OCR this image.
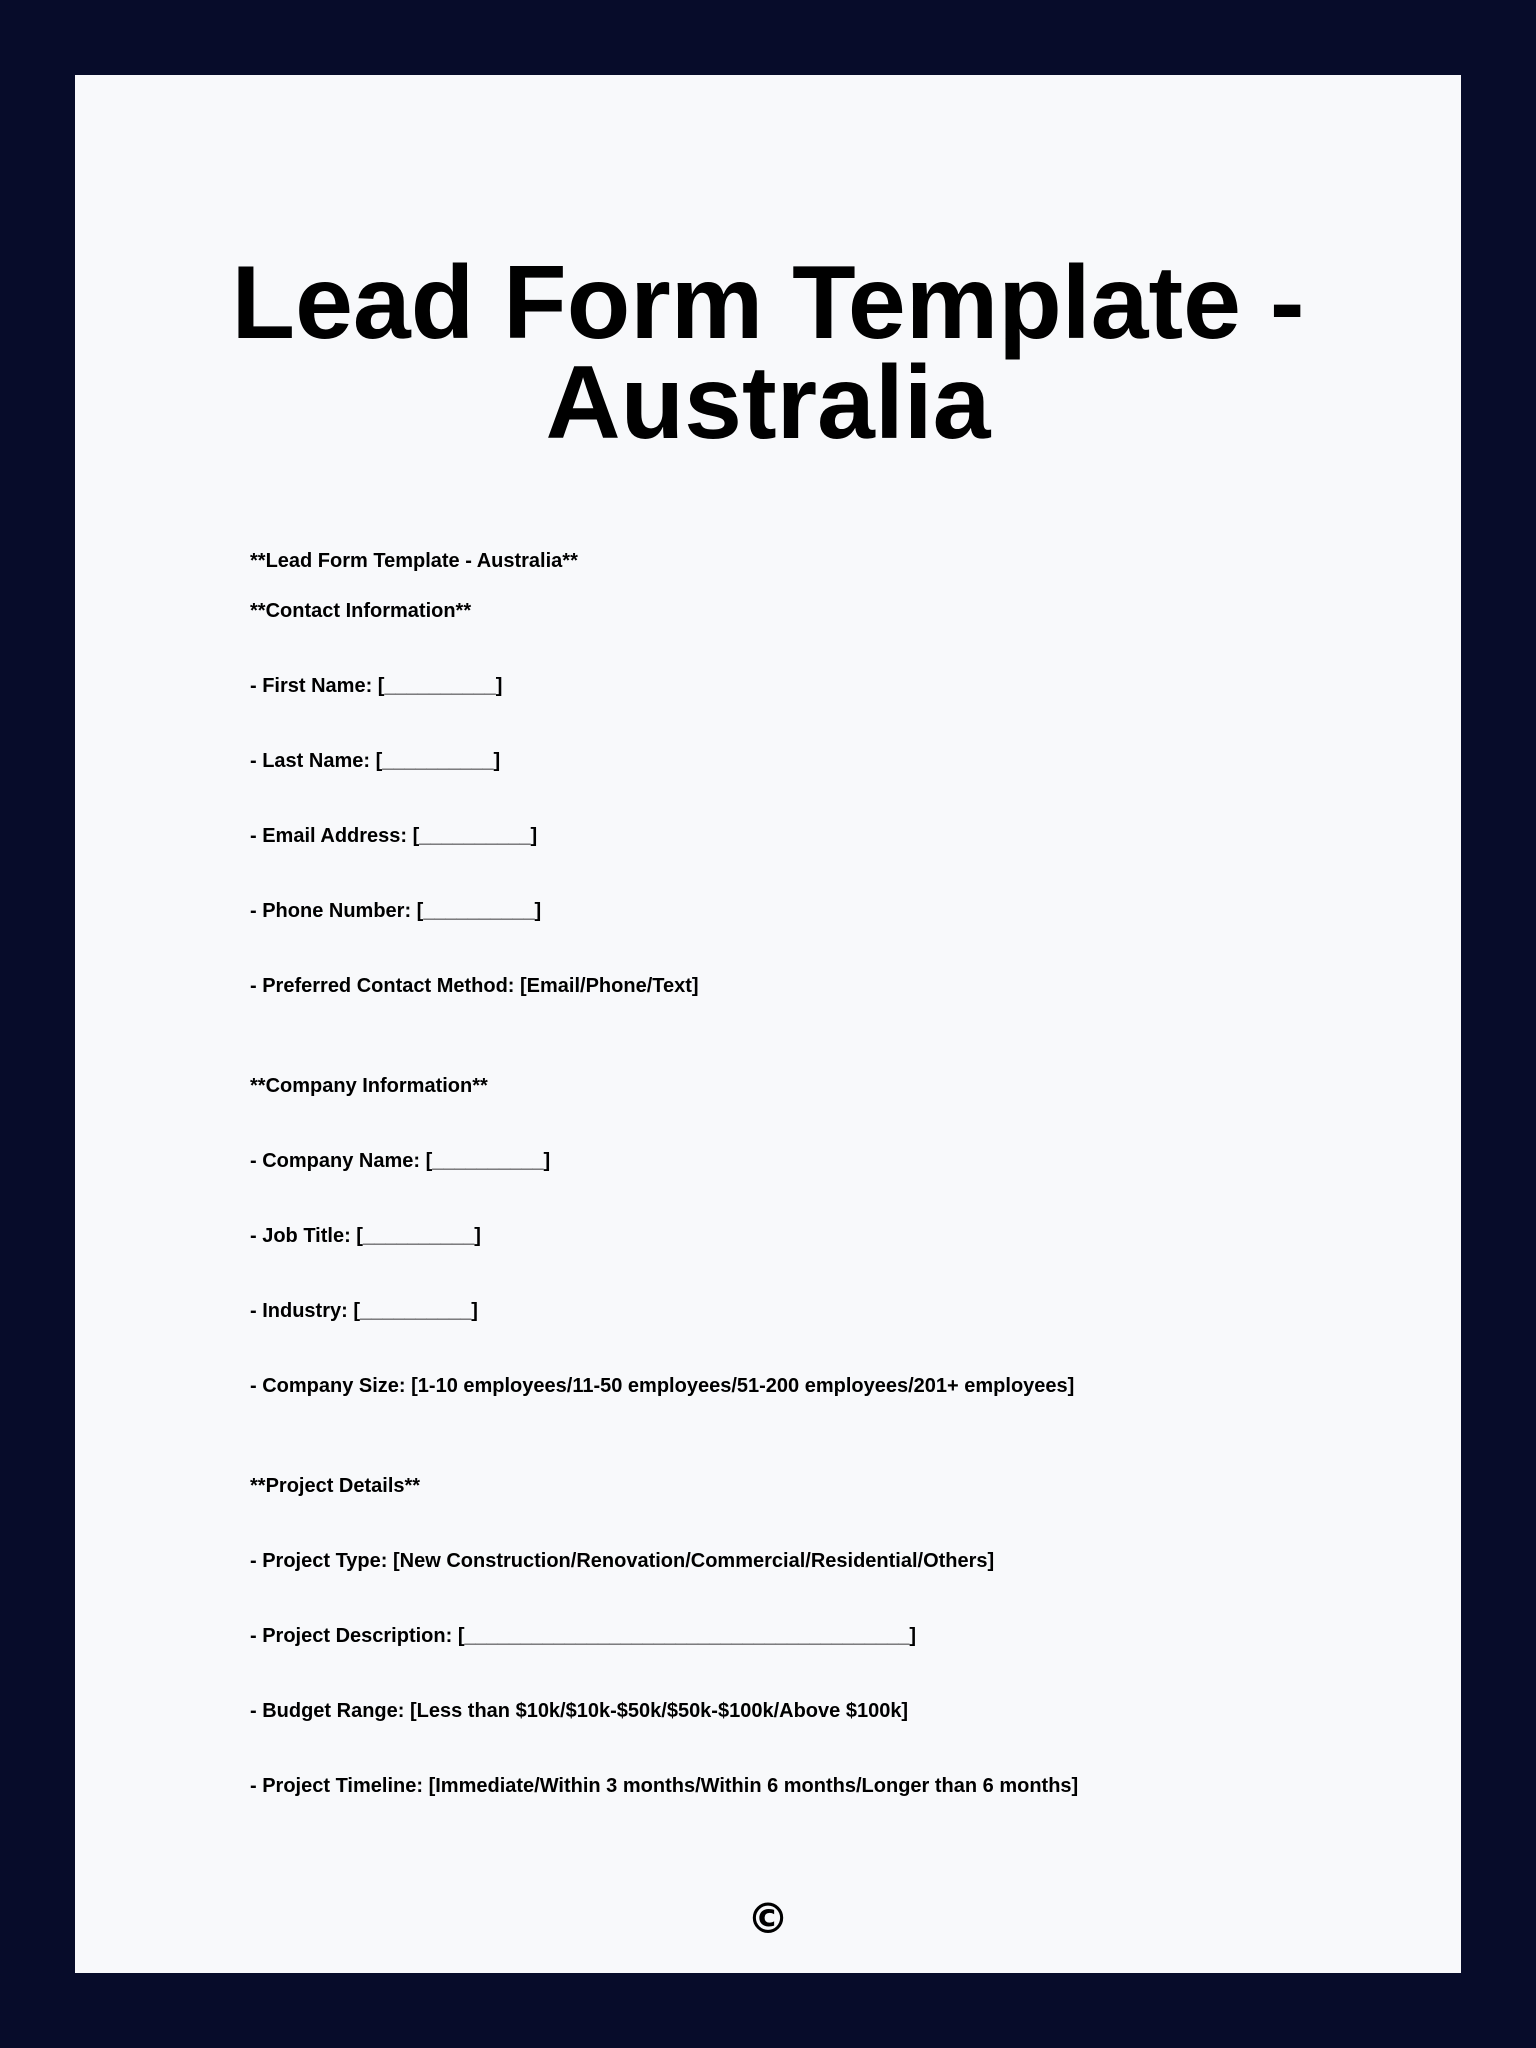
Lead Form Template -
Australia
**Lead Form Template - Australia**
**Contact Information**
- First Name: [__________]
- Last Name: [__________]
- Email Address: [__________]
- Phone Number: [__________]
- Preferred Contact Method: [Email/Phone/Text]
**Company Information**
- Company Name: [__________]
- Job Title: [__________]
- Industry: [__________]
- Company Size: [1-10 employees/11-50 employees/51-200 employees/201+ employees]
**Project Details**
- Project Type: [New Construction/Renovation/Commercial/Residential/Others]
- Project Description: [________________________________________]
- Budget Range: [Less than $10k/$10k-$50k/$50k-$100k/Above $100k]
- Project Timeline: [Immediate/Within 3 months/Within 6 months/Longer than 6 months]
©
